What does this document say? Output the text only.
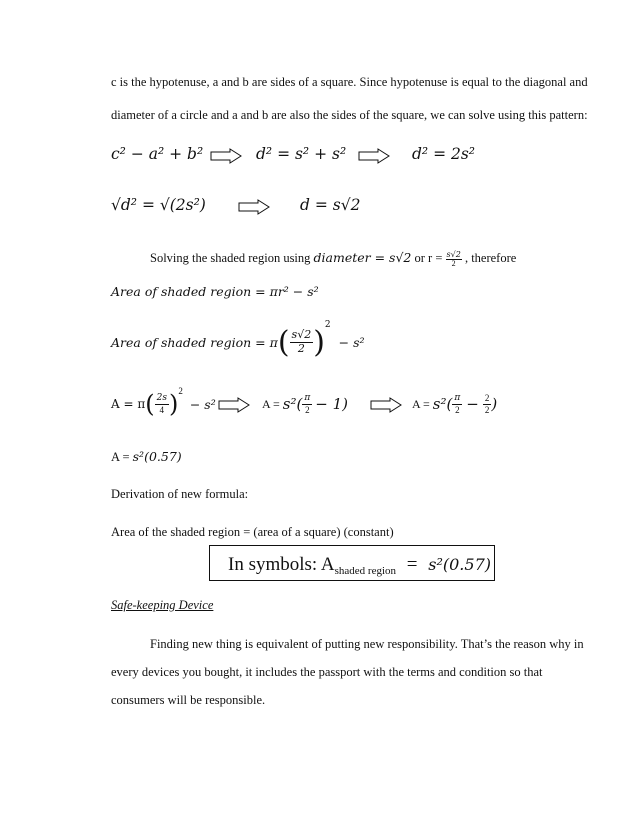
c is the hypotenuse, a and b are sides of a square. Since hypotenuse is equal to the diagonal and
diameter of a circle and a and b are also the sides of the square, we can solve using this pattern:
c² − a² + b²	d² = s² + s²	d² = 2s²
√d² = √(2s²)	d = s√2
Solving the shaded region using diameter = s√2 or $r = \frac{s√2}{2}$ , therefore
Area of shaded region = πr² − s²
Area of shaded region = π ( $\frac{s√2}{2}$ ) 2
− s²
A = π ( $\frac{2s}{4}$ ) 2
− s²	$A = s^2( \frac{\pi}{2} - 1)$	$A = s^2( \frac{\pi}{2} - \frac{2}{2}$ )
A = s²(0.57)
Derivation of new formula:
Area of the shaded region = (area of a square) (constant)
In symbols: $A_{shaded region} = s^2(0.57)$
Safe-keeping Device
Finding new thing is equivalent of putting new responsibility. That’s the reason why in
every devices you bought, it includes the passport with the terms and condition so that
consumers will be responsible.
